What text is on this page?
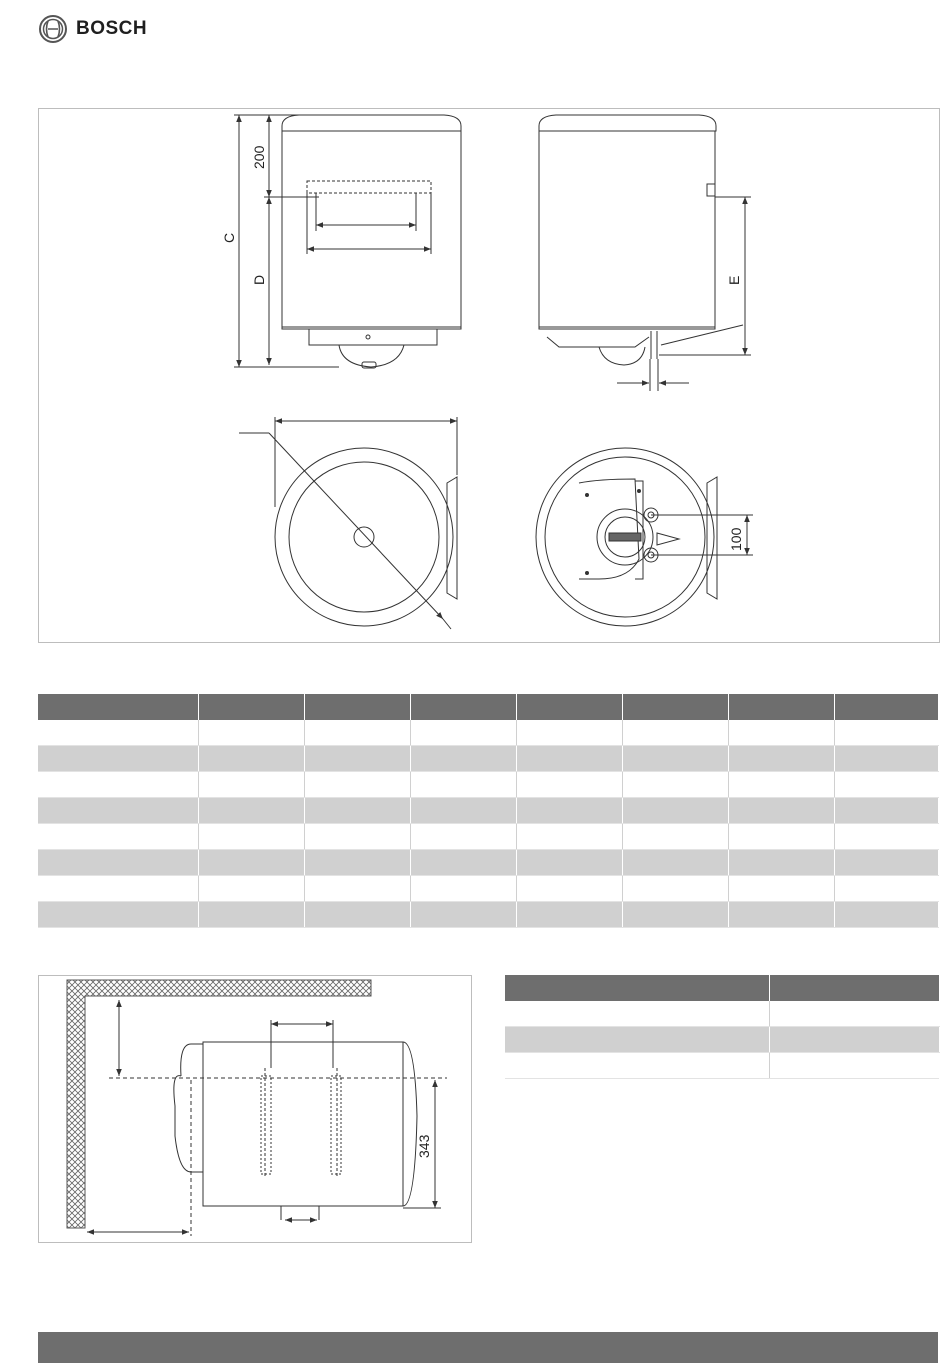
BOSCH
C
D
200
E
100

343
